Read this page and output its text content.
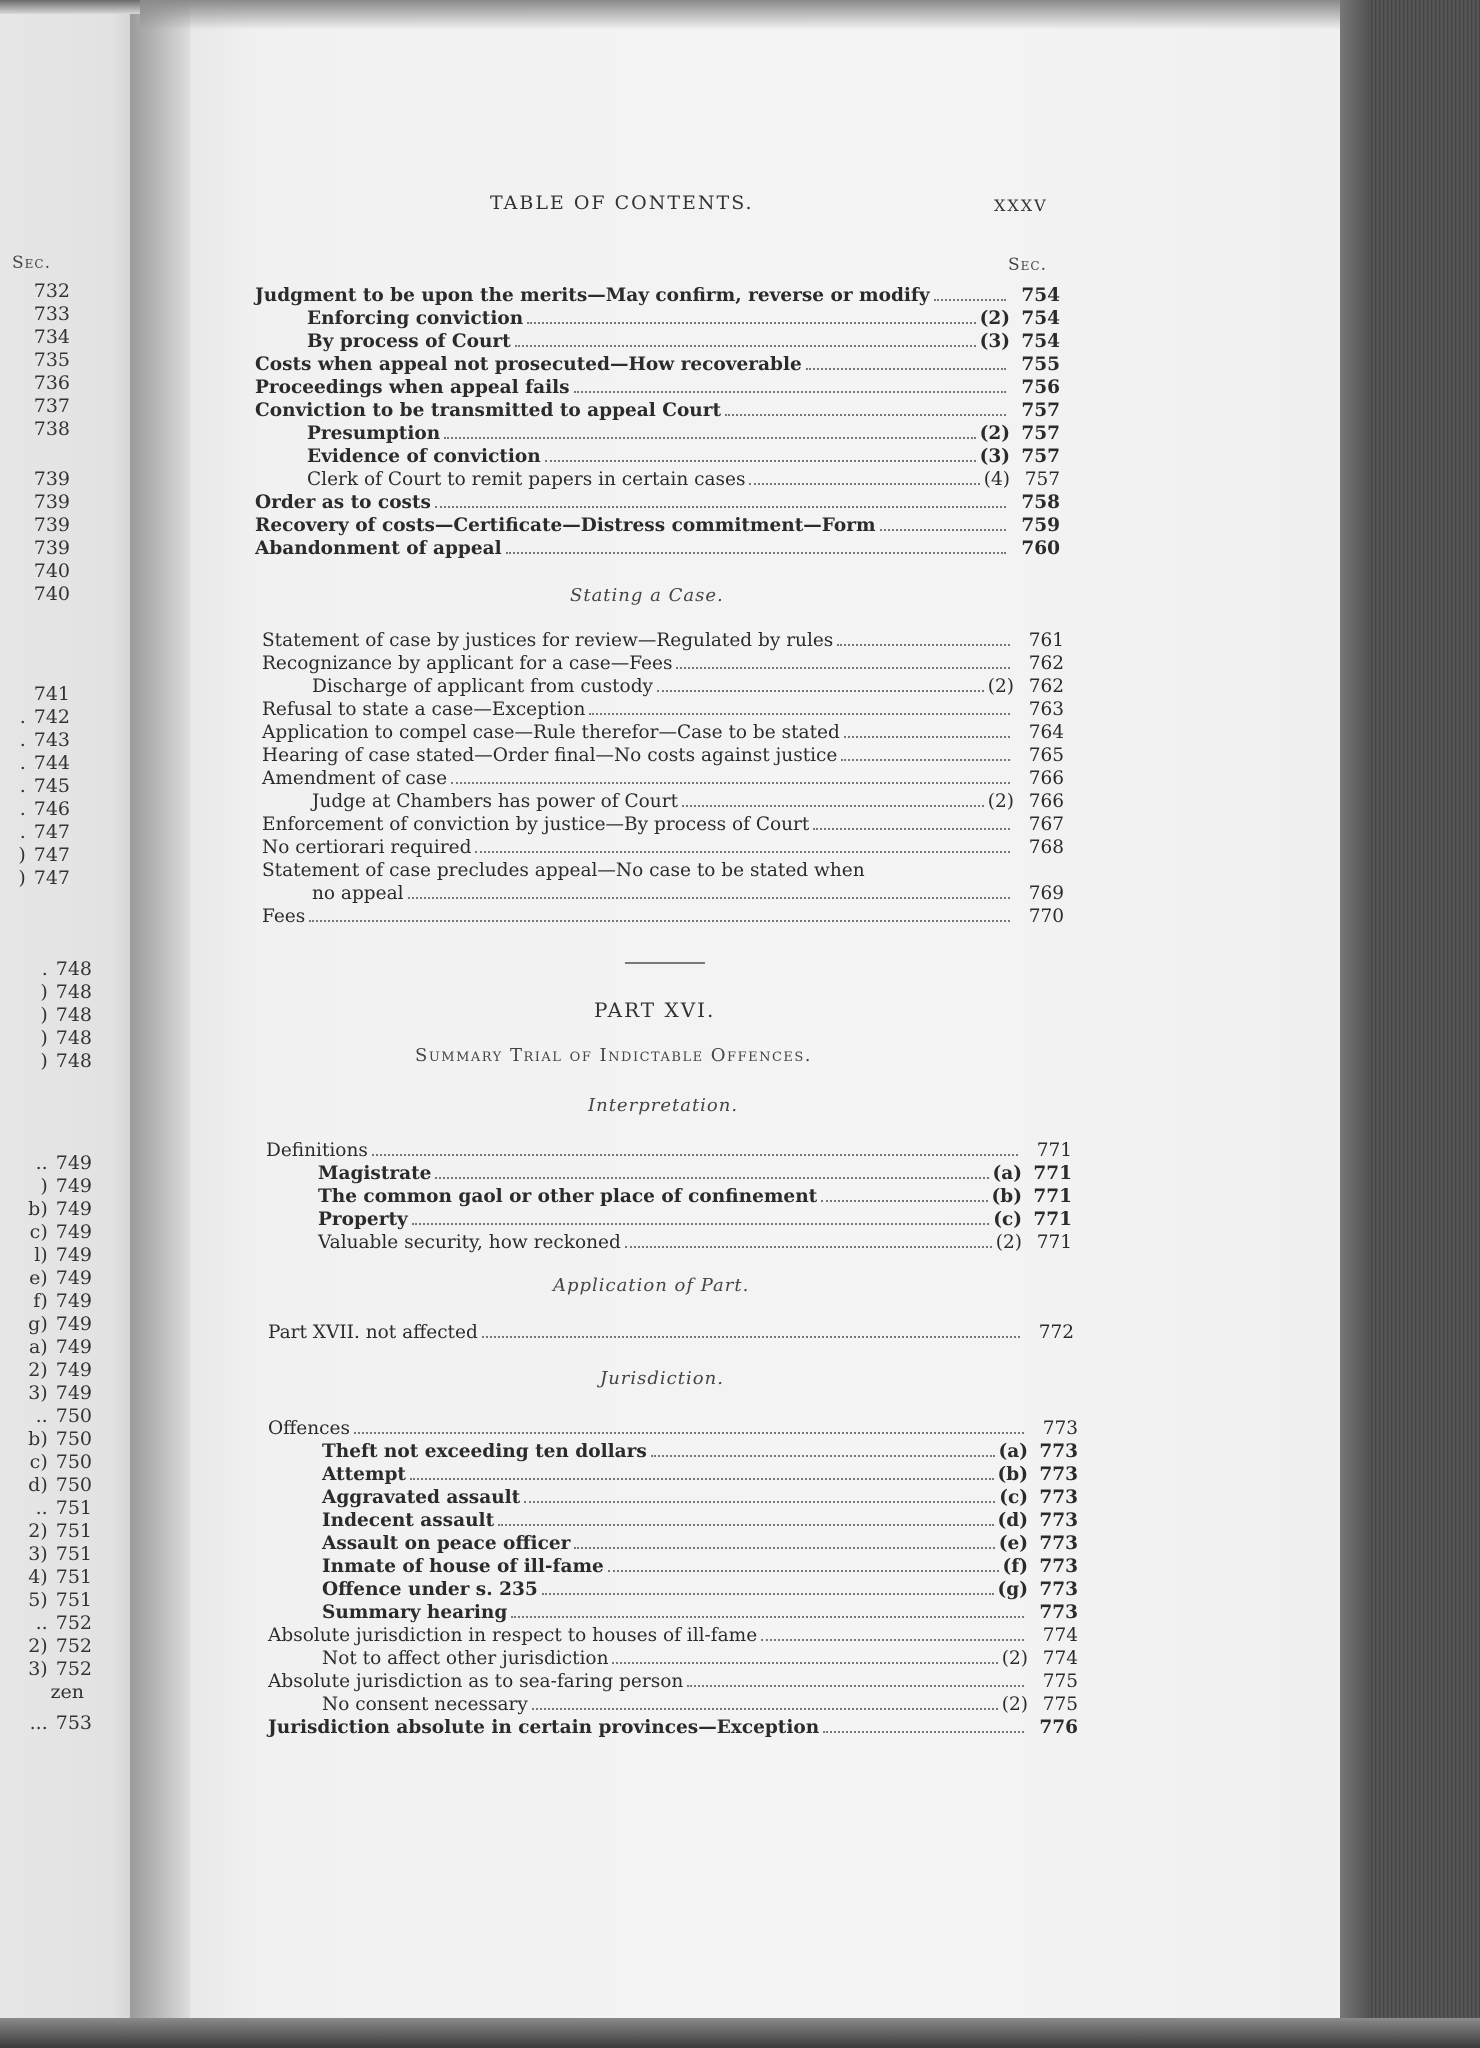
Sec.
732
733
734
735
736
737
738
739
739
739
739
740
740
741
. 742
. 743
. 744
. 745
. 746
. 747
) 747
) 747
. 748
) 748
) 748
) 748
) 748
.. 749
) 749
b) 749
c) 749
l) 749
e) 749
f) 749
g) 749
a) 749
2) 749
3) 749
.. 750
b) 750
c) 750
d) 750
.. 751
2) 751
3) 751
4) 751
5) 751
.. 752
2) 752
3) 752
zen
... 753
TABLE OF CONTENTS.	XXXV
Sec.
Judgment to be upon the merits—May confirm, reverse or modify	754
Enforcing conviction	(2) 754
By process of Court	(3) 754
Costs when appeal not prosecuted—How recoverable	755
Proceedings when appeal fails	756
Conviction to be transmitted to appeal Court	757
Presumption	(2) 757
Evidence of conviction	(3) 757
Clerk of Court to remit papers in certain cases	(4) 757
Order as to costs	758
Recovery of costs—Certificate—Distress commitment—Form	759
Abandonment of appeal	760
Stating a Case.
Statement of case by justices for review—Regulated by rules	761
Recognizance by applicant for a case—Fees	762
Discharge of applicant from custody	(2) 762
Refusal to state a case—Exception	763
Application to compel case—Rule therefor—Case to be stated	764
Hearing of case stated—Order final—No costs against justice	765
Amendment of case	766
Judge at Chambers has power of Court	(2) 766
Enforcement of conviction by justice—By process of Court	767
No certiorari required	768
Statement of case precludes appeal—No case to be stated when
no appeal	769
Fees	770
PART XVI.
Summary Trial of Indictable Offences.
Interpretation.
Definitions	771
Magistrate	(a) 771
The common gaol or other place of confinement	(b) 771
Property	(c) 771
Valuable security, how reckoned	(2) 771
Application of Part.
Part XVII. not affected	772
Jurisdiction.
Offences	773
Theft not exceeding ten dollars	(a) 773
Attempt	(b) 773
Aggravated assault	(c) 773
Indecent assault	(d) 773
Assault on peace officer	(e) 773
Inmate of house of ill-fame	(f) 773
Offence under s. 235	(g) 773
Summary hearing	773
Absolute jurisdiction in respect to houses of ill-fame	774
Not to affect other jurisdiction	(2) 774
Absolute jurisdiction as to sea-faring person	775
No consent necessary	(2) 775
Jurisdiction absolute in certain provinces—Exception	776
